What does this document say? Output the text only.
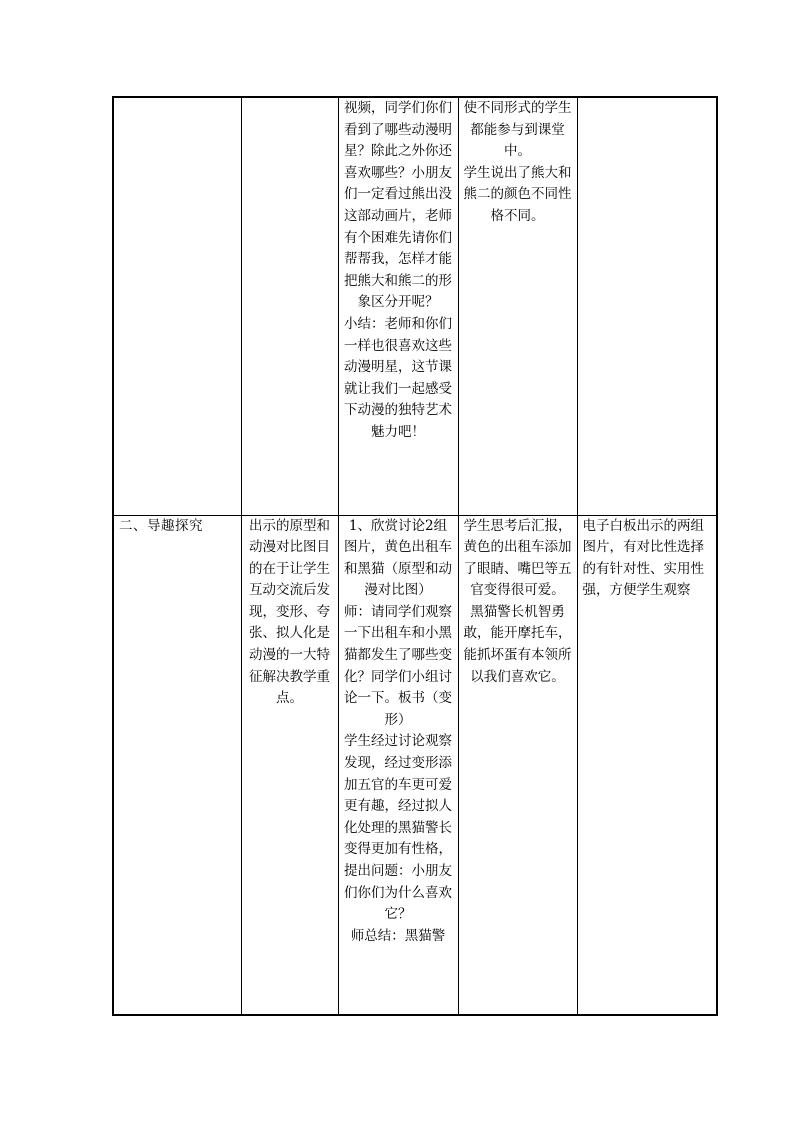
		视频，同学们你们看到了哪些动漫明星？除此之外你还喜欢哪些？小朋友们一定看过熊出没这部动画片，老师有个困难先请你们帮帮我，怎样才能把熊大和熊二的形象区分开呢？
小结：老师和你们一样也很喜欢这些动漫明星，这节课就让我们一起感受下动漫的独特艺术魅力吧！	使不同形式的学生都能参与到课堂中。
学生说出了熊大和熊二的颜色不同性格不同。	
二、导趣探究	出示的原型和动漫对比图目的在于让学生互动交流后发现，变形、夸张、拟人化是动漫的一大特征解决教学重点。	1、欣赏讨论2组图片，黄色出租车和黑猫（原型和动漫对比图）
师：请同学们观察一下出租车和小黑猫都发生了哪些变化？同学们小组讨论一下。板书（变形）
学生经过讨论观察发现，经过变形添加五官的车更可爱更有趣，经过拟人化处理的黑猫警长变得更加有性格，提出问题：小朋友们你们为什么喜欢它？
师总结：黑猫警	学生思考后汇报，黄色的出租车添加了眼睛、嘴巴等五官变得很可爱。
黑猫警长机智勇敢，能开摩托车，能抓坏蛋有本领所以我们喜欢它。	电子白板出示的两组图片，有对比性选择的有针对性、实用性强，方便学生观察
